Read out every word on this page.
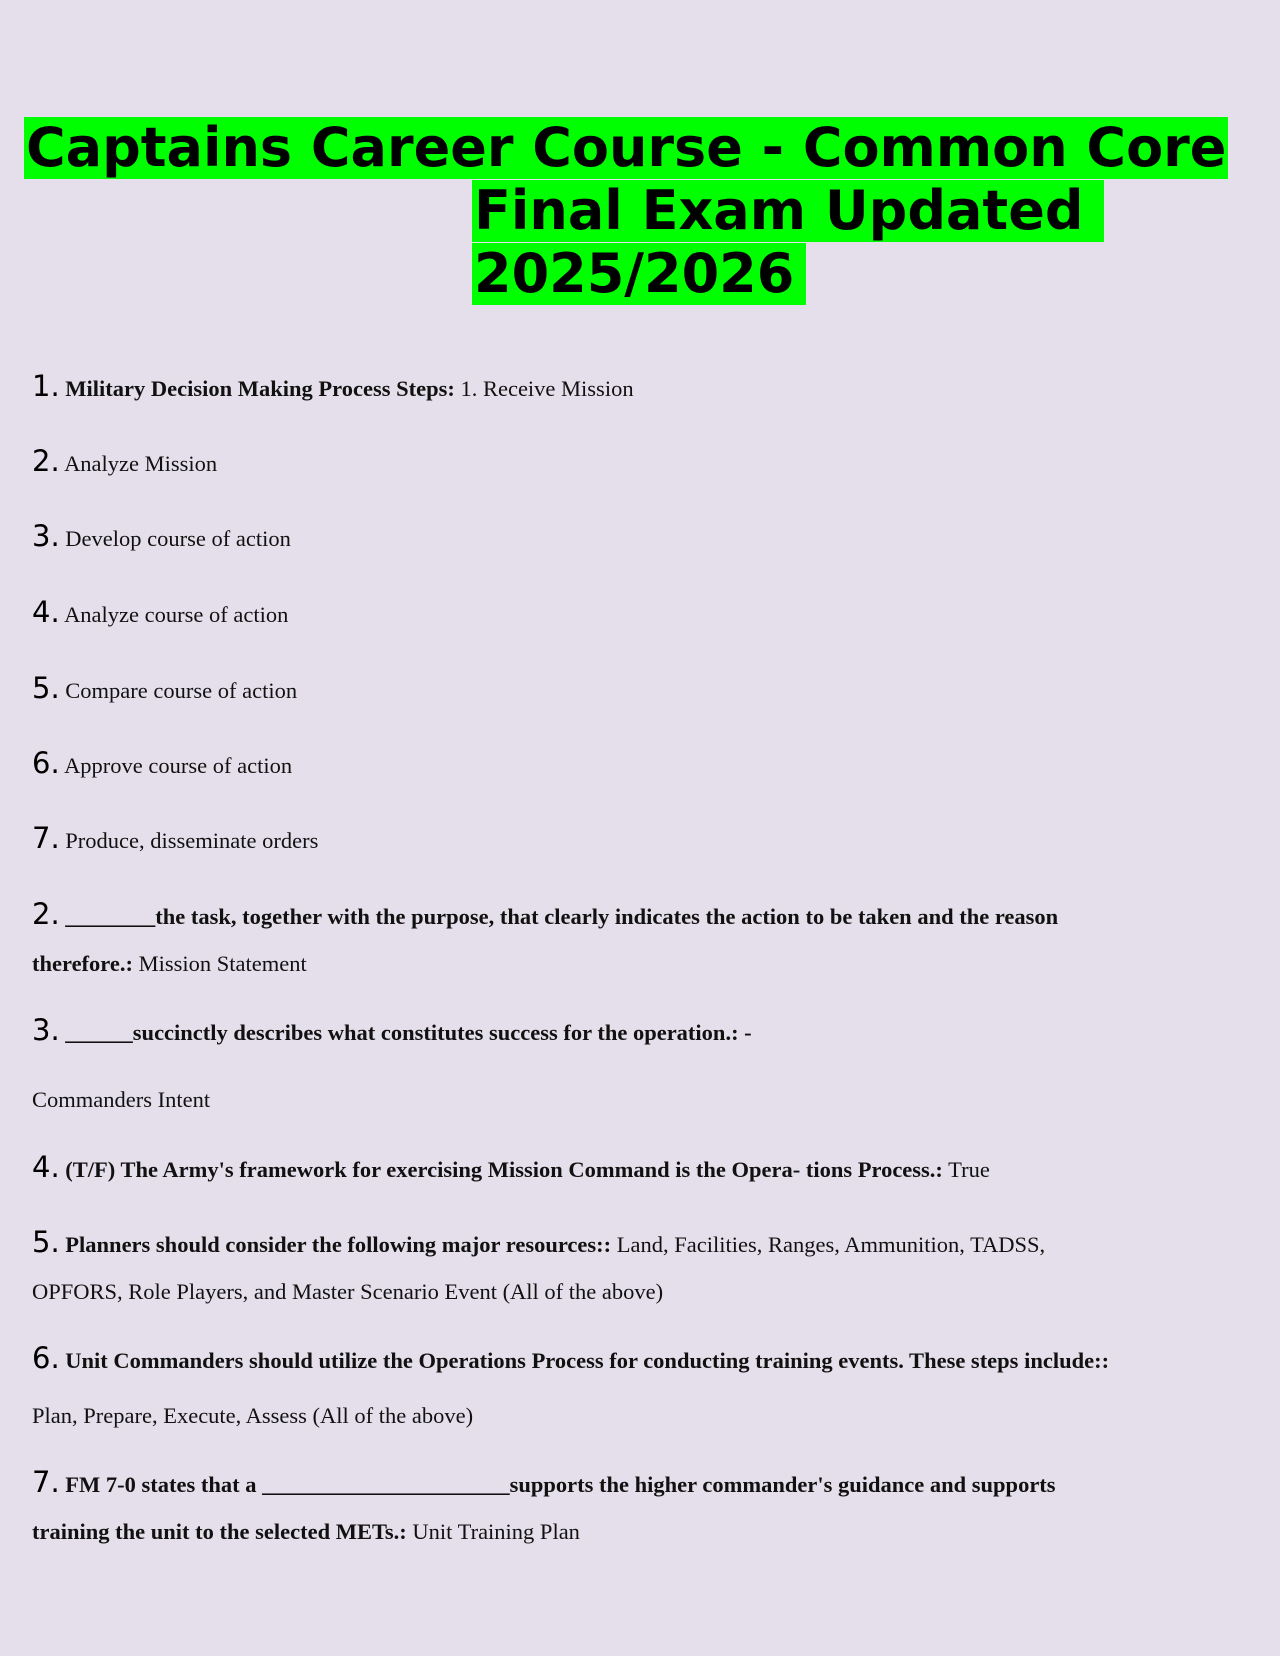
Captains Career Course - Common Core
Final Exam Updated
2025/2026
1. Military Decision Making Process Steps: 1. Receive Mission
2. Analyze Mission
3. Develop course of action
4. Analyze course of action
5. Compare course of action
6. Approve course of action
7. Produce, disseminate orders
2. ________the task, together with the purpose, that clearly indicates the action to be taken and the reason
therefore.: Mission Statement
3. ______succinctly describes what constitutes success for the operation.: -
Commanders Intent
4. (T/F) The Army's framework for exercising Mission Command is the Opera- tions Process.: True
5. Planners should consider the following major resources:: Land, Facilities, Ranges, Ammunition, TADSS,
OPFORS, Role Players, and Master Scenario Event (All of the above)
6. Unit Commanders should utilize the Operations Process for conducting training events. These steps include::
Plan, Prepare, Execute, Assess (All of the above)
7. FM 7-0 states that a ______________________supports the higher commander's guidance and supports
training the unit to the selected METs.: Unit Training Plan
